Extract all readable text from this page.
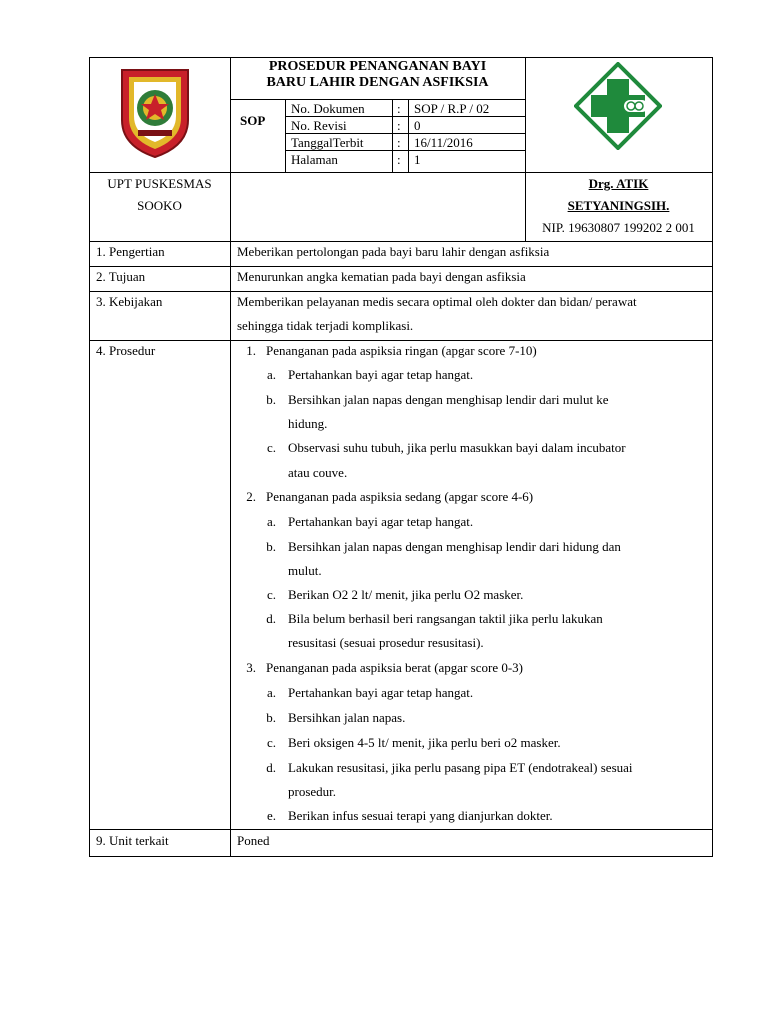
PROSEDUR PENANGANAN BAYI
BARU LAHIR DENGAN ASFIKSIA
SOP
No. Dokumen : SOP / R.P / 02
No. Revisi	: 0
TanggalTerbit	: 16/11/2016
Halaman	: 1
UPT PUSKESMAS
SOOKO
Drg. ATIK
SETYANINGSIH.
NIP. 19630807 199202 2 001
1. Pengertian	Meberikan pertolongan pada bayi baru lahir dengan asfiksia
2. Tujuan	Menurunkan angka kematian pada bayi dengan asfiksia
3. Kebijakan	Memberikan pelayanan medis secara optimal oleh dokter dan bidan/ perawat
sehingga tidak terjadi komplikasi.
4. Prosedur	1. Penanganan pada aspiksia ringan (apgar score 7-10)
a. Pertahankan bayi agar tetap hangat.
b. Bersihkan jalan napas dengan menghisap lendir dari mulut ke
hidung.
c. Observasi suhu tubuh, jika perlu masukkan bayi dalam incubator
atau couve.
2. Penanganan pada aspiksia sedang (apgar score 4-6)
a. Pertahankan bayi agar tetap hangat.
b. Bersihkan jalan napas dengan menghisap lendir dari hidung dan
mulut.
c. Berikan O2 2 lt/ menit, jika perlu O2 masker.
d. Bila belum berhasil beri rangsangan taktil jika perlu lakukan
resusitasi (sesuai prosedur resusitasi).
3. Penanganan pada aspiksia berat (apgar score 0-3)
a. Pertahankan bayi agar tetap hangat.
b. Bersihkan jalan napas.
c. Beri oksigen 4-5 lt/ menit, jika perlu beri o2 masker.
d. Lakukan resusitasi, jika perlu pasang pipa ET (endotrakeal) sesuai
prosedur.
e. Berikan infus sesuai terapi yang dianjurkan dokter.
9. Unit terkait	Poned
